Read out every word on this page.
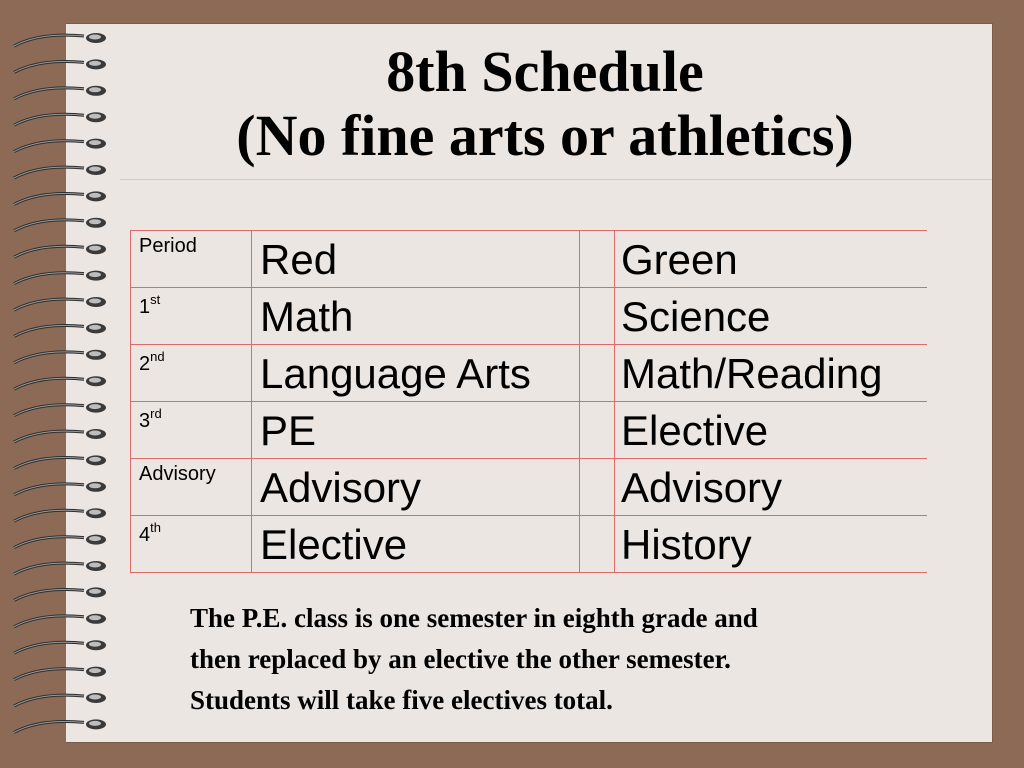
8th Schedule
(No fine arts or athletics)
Period	Red		Green
1st	Math		Science
2nd	Language Arts		Math/Reading
3rd	PE		Elective
Advisory	Advisory		Advisory
4th	Elective		History
The P.E. class is one semester in eighth grade and
then replaced by an elective the other semester.
Students will take five electives total.
